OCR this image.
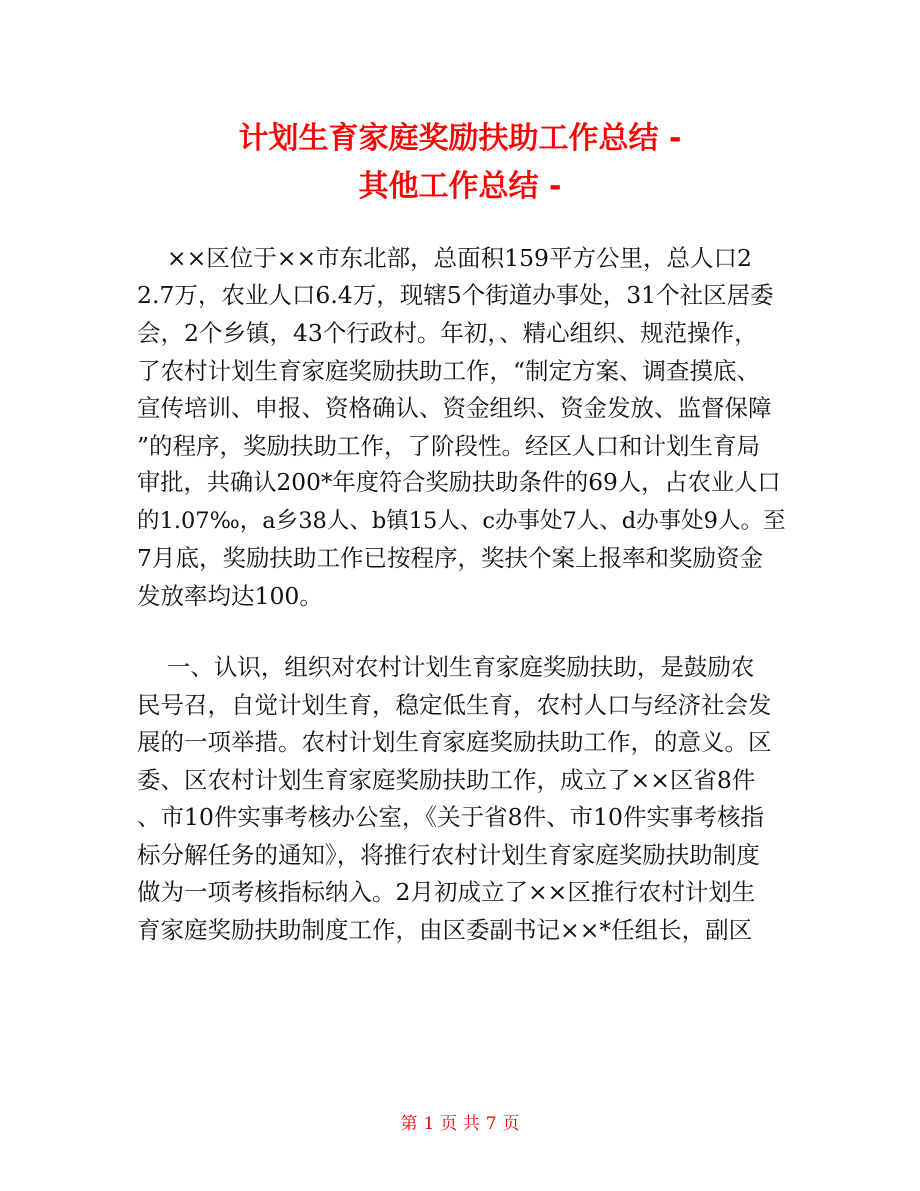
计划生育家庭奖励扶助工作总结 -
其他工作总结 -
××区位于××市东北部，总面积159平方公里，总人口2
2.7万，农业人口6.4万，现辖5个街道办事处，31个社区居委
会，2个乡镇，43个行政村。年初，、精心组织、规范操作，
了农村计划生育家庭奖励扶助工作，“制定方案、调查摸底、
宣传培训、申报、资格确认、资金组织、资金发放、监督保障
”的程序，奖励扶助工作，了阶段性。经区人口和计划生育局
审批，共确认200*年度符合奖励扶助条件的69人，占农业人口
的1.07‰，a乡38人、b镇15人、c办事处7人、d办事处9人。至
7月底，奖励扶助工作已按程序，奖扶个案上报率和奖励资金
发放率均达100。
一、认识，组织对农村计划生育家庭奖励扶助，是鼓励农
民号召，自觉计划生育，稳定低生育，农村人口与经济社会发
展的一项举措。农村计划生育家庭奖励扶助工作，的意义。区
委、区农村计划生育家庭奖励扶助工作，成立了××区省8件
、市10件实事考核办公室，《关于省8件、市10件实事考核指
标分解任务的通知》，将推行农村计划生育家庭奖励扶助制度
做为一项考核指标纳入。2月初成立了××区推行农村计划生
育家庭奖励扶助制度工作，由区委副书记××*任组长，副区
第 1 页 共 7 页
